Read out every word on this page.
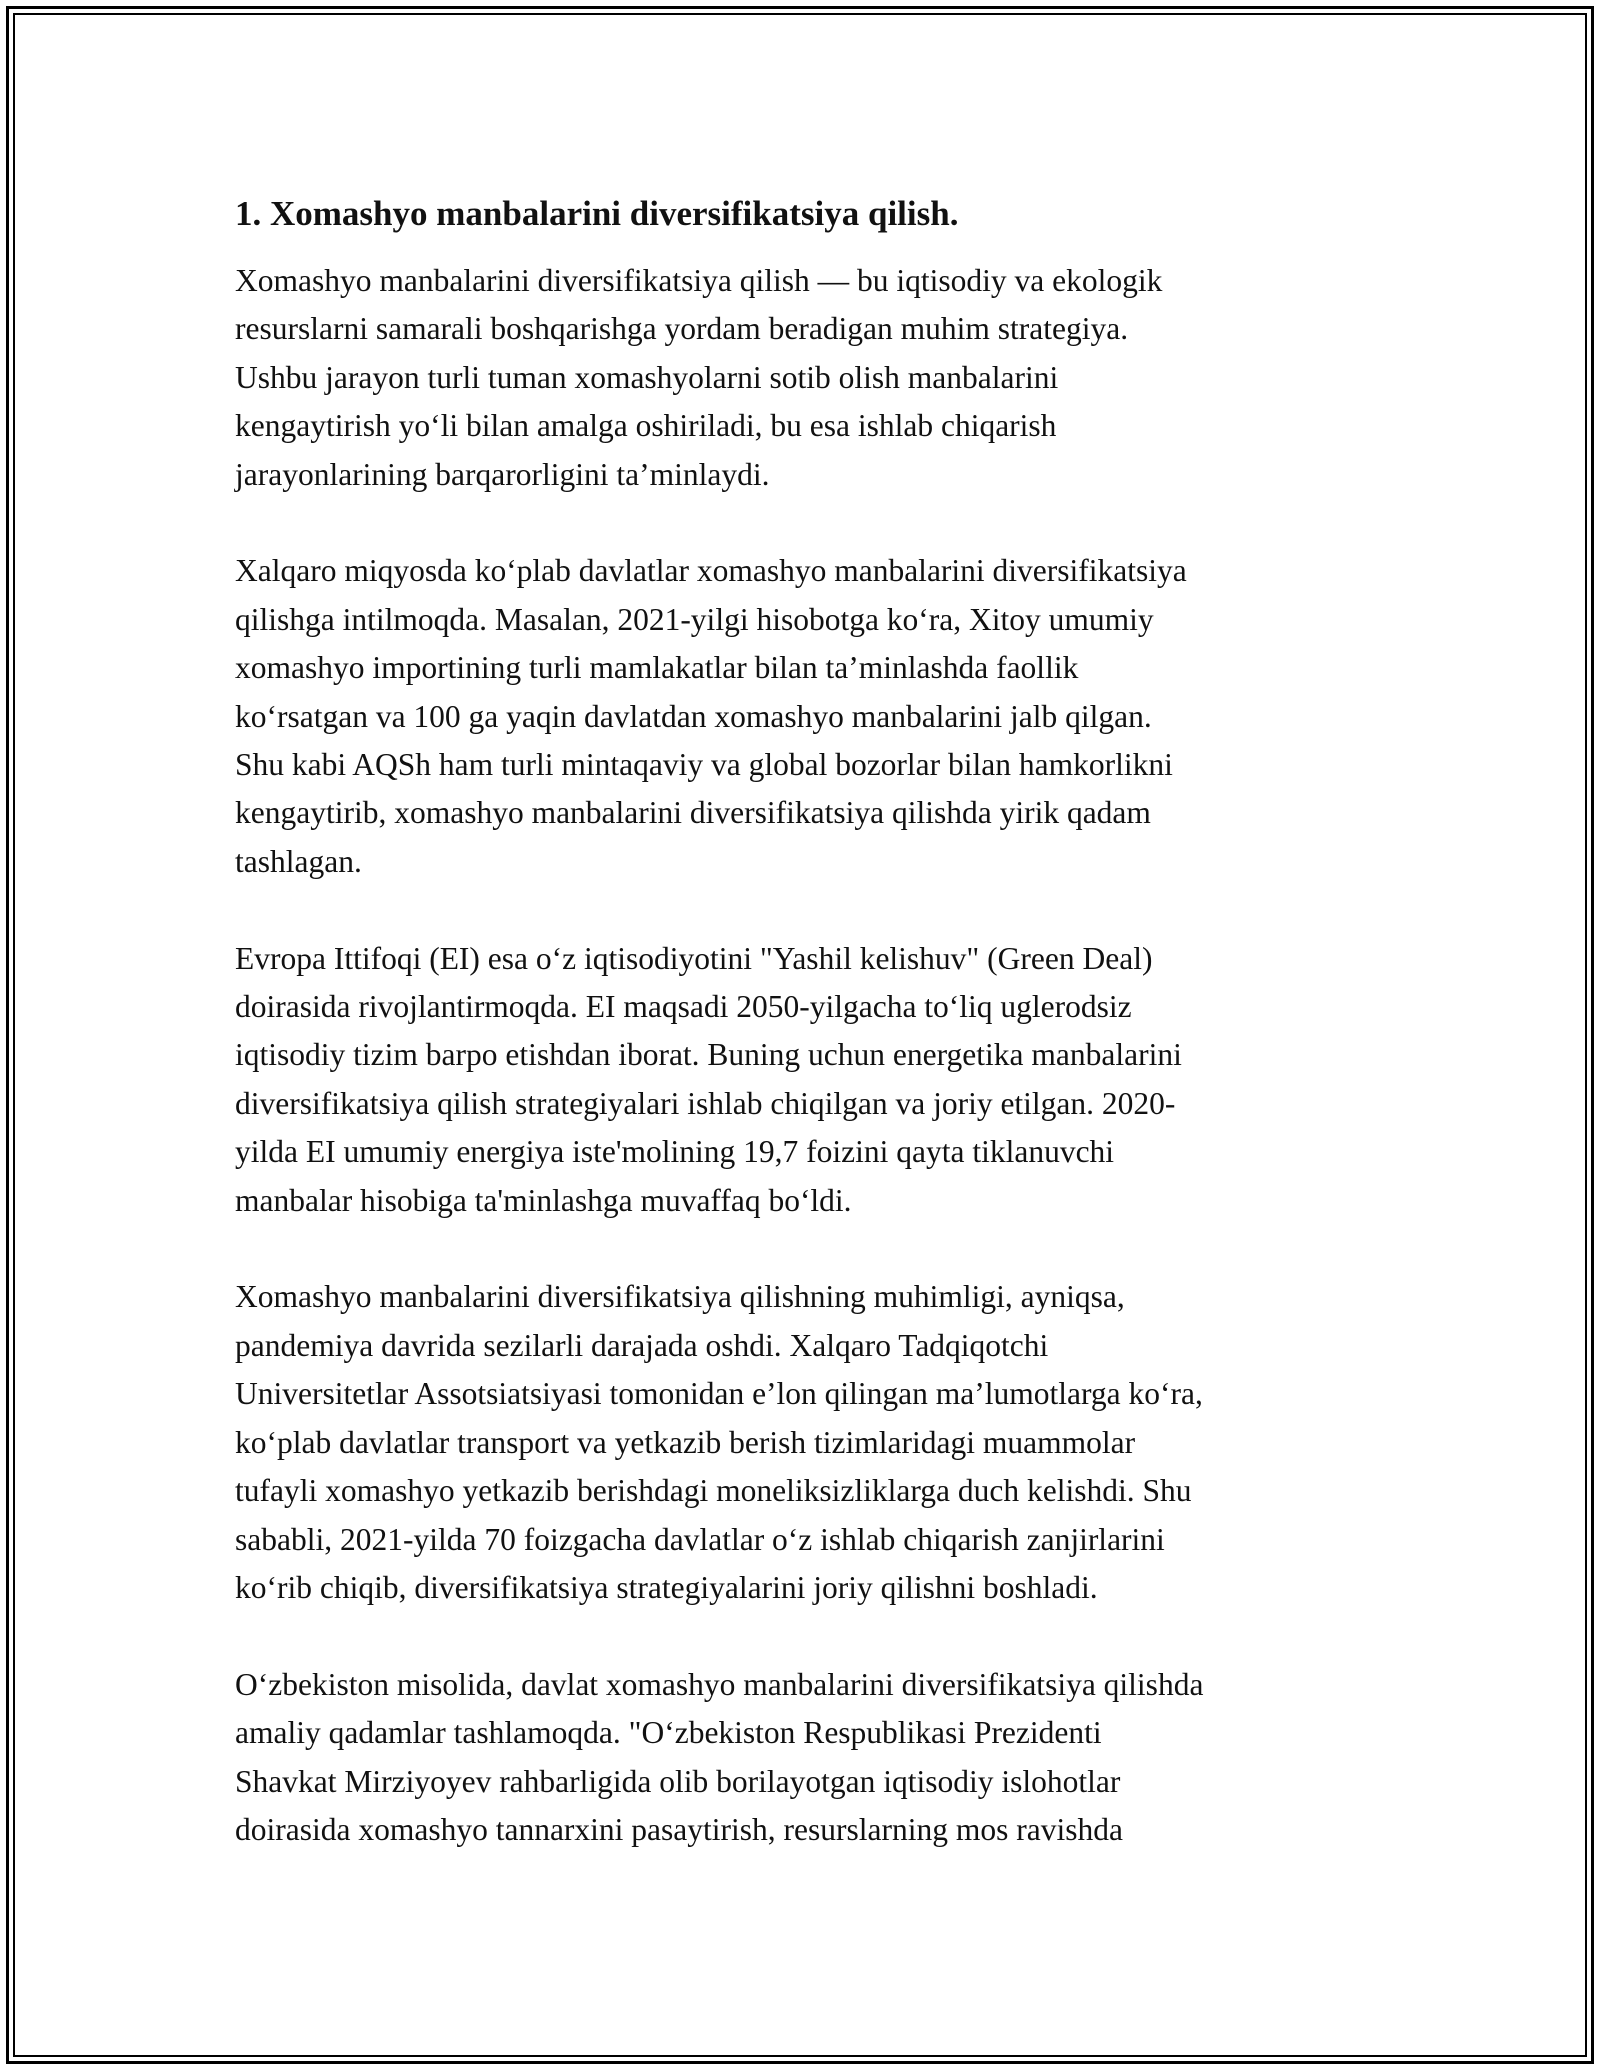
1. Xomashyo manbalarini diversifikatsiya qilish.
Xomashyo manbalarini diversifikatsiya qilish — bu iqtisodiy va ekologik
resurslarni samarali boshqarishga yordam beradigan muhim strategiya.
Ushbu jarayon turli tuman xomashyolarni sotib olish manbalarini
kengaytirish yoʻli bilan amalga oshiriladi, bu esa ishlab chiqarish
jarayonlarining barqarorligini taʼminlaydi.
Xalqaro miqyosda koʻplab davlatlar xomashyo manbalarini diversifikatsiya
qilishga intilmoqda. Masalan, 2021-yilgi hisobotga koʻra, Xitoy umumiy
xomashyo importining turli mamlakatlar bilan taʼminlashda faollik
koʻrsatgan va 100 ga yaqin davlatdan xomashyo manbalarini jalb qilgan.
Shu kabi AQSh ham turli mintaqaviy va global bozorlar bilan hamkorlikni
kengaytirib, xomashyo manbalarini diversifikatsiya qilishda yirik qadam
tashlagan.
Evropa Ittifoqi (EI) esa oʻz iqtisodiyotini "Yashil kelishuv" (Green Deal)
doirasida rivojlantirmoqda. EI maqsadi 2050-yilgacha toʻliq uglerodsiz
iqtisodiy tizim barpo etishdan iborat. Buning uchun energetika manbalarini
diversifikatsiya qilish strategiyalari ishlab chiqilgan va joriy etilgan. 2020-
yilda EI umumiy energiya iste'molining 19,7 foizini qayta tiklanuvchi
manbalar hisobiga ta'minlashga muvaffaq boʻldi.
Xomashyo manbalarini diversifikatsiya qilishning muhimligi, ayniqsa,
pandemiya davrida sezilarli darajada oshdi. Xalqaro Tadqiqotchi
Universitetlar Assotsiatsiyasi tomonidan eʼlon qilingan maʼlumotlarga koʻra,
koʻplab davlatlar transport va yetkazib berish tizimlaridagi muammolar
tufayli xomashyo yetkazib berishdagi moneliksizliklarga duch kelishdi. Shu
sababli, 2021-yilda 70 foizgacha davlatlar oʻz ishlab chiqarish zanjirlarini
koʻrib chiqib, diversifikatsiya strategiyalarini joriy qilishni boshladi.
Oʻzbekiston misolida, davlat xomashyo manbalarini diversifikatsiya qilishda
amaliy qadamlar tashlamoqda. "Oʻzbekiston Respublikasi Prezidenti
Shavkat Mirziyoyev rahbarligida olib borilayotgan iqtisodiy islohotlar
doirasida xomashyo tannarxini pasaytirish, resurslarning mos ravishda
